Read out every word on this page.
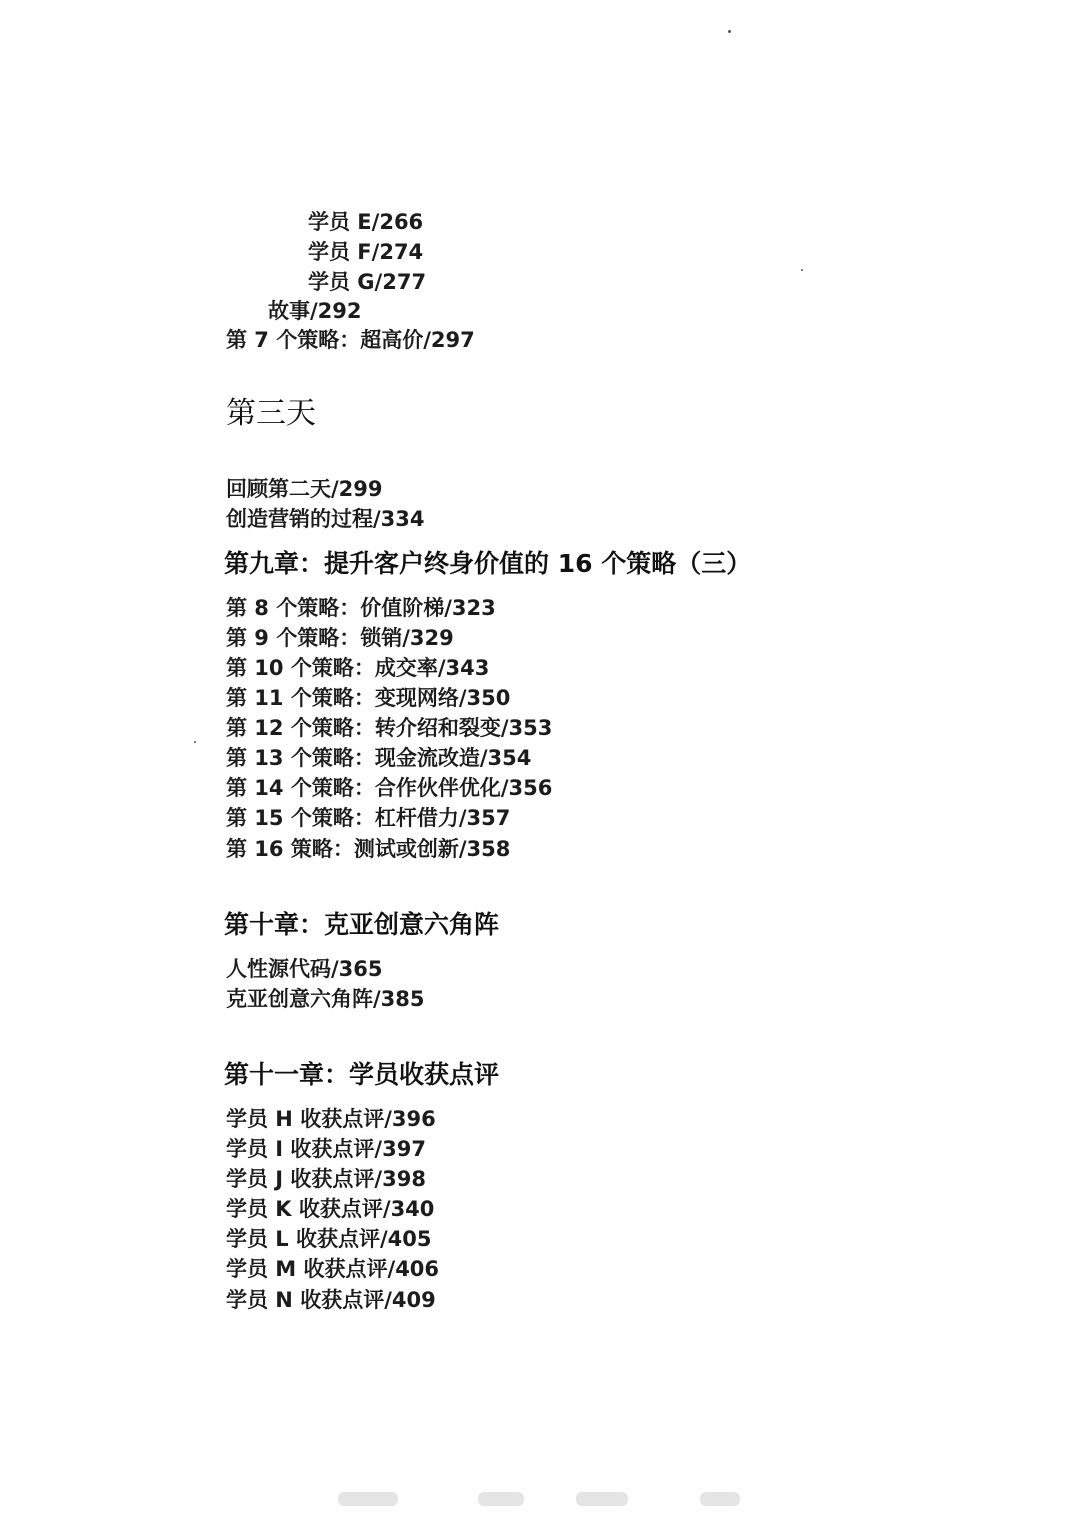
学员 E/266
学员 F/274
学员 G/277
故事/292
第 7 个策略：超高价/297
第三天
回顾第二天/299
创造营销的过程/334
第九章：提升客户终身价值的 16 个策略（三）
第 8 个策略：价值阶梯/323
第 9 个策略：锁销/329
第 10 个策略：成交率/343
第 11 个策略：变现网络/350
第 12 个策略：转介绍和裂变/353
第 13 个策略：现金流改造/354
第 14 个策略：合作伙伴优化/356
第 15 个策略：杠杆借力/357
第 16 策略：测试或创新/358
第十章：克亚创意六角阵
人性源代码/365
克亚创意六角阵/385
第十一章：学员收获点评
学员 H 收获点评/396
学员 I 收获点评/397
学员 J 收获点评/398
学员 K 收获点评/340
学员 L 收获点评/405
学员 M 收获点评/406
学员 N 收获点评/409
